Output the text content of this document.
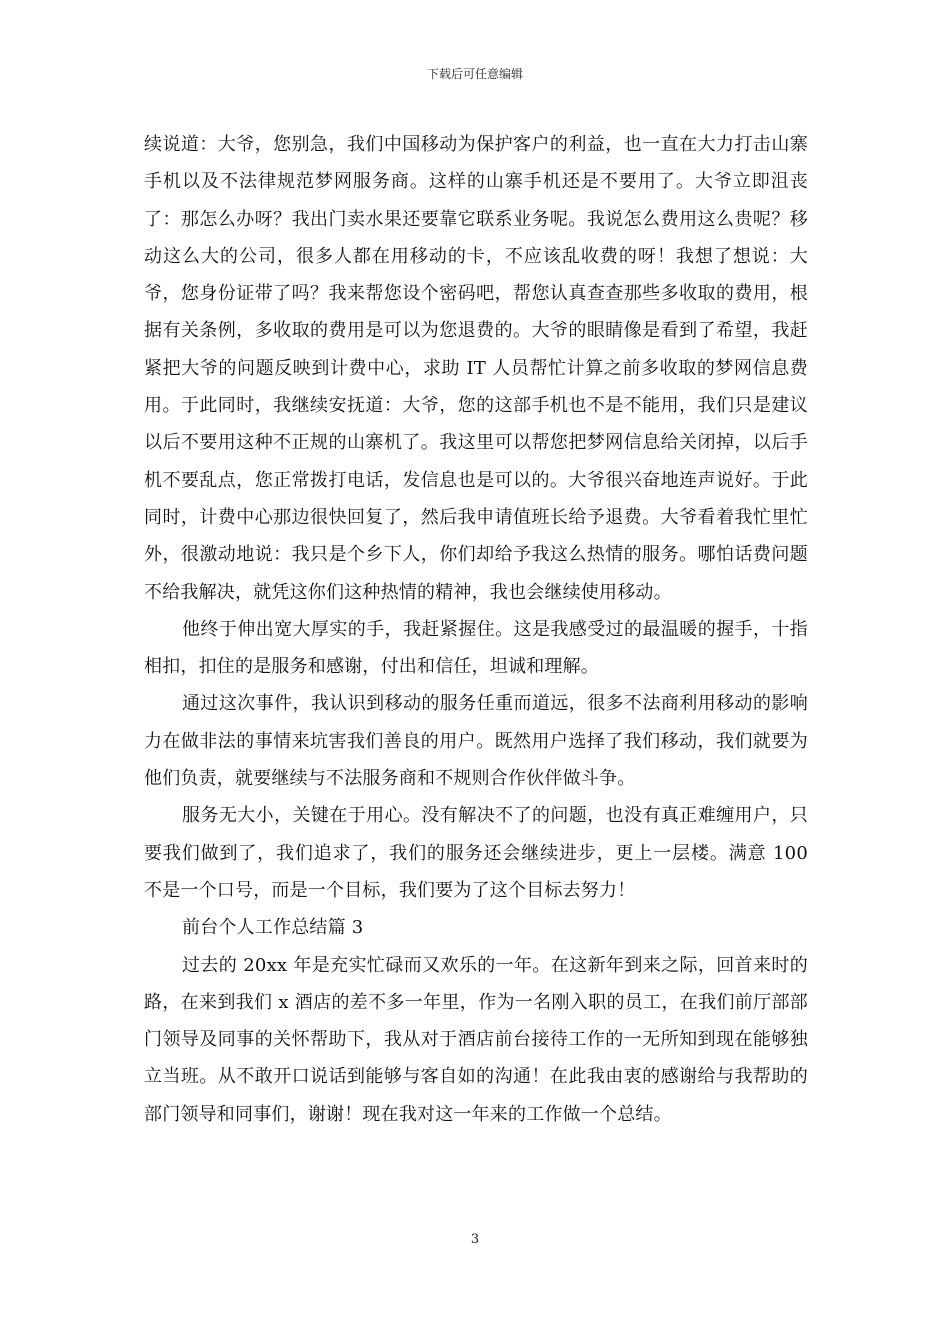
下载后可任意编辑

续说道：大爷，您别急，我们中国移动为保护客户的利益，也一直在大力打击山寨手机以及不法律规范梦网服务商。这样的山寨手机还是不要用了。大爷立即沮丧了：那怎么办呀？我出门卖水果还要靠它联系业务呢。我说怎么费用这么贵呢？移动这么大的公司，很多人都在用移动的卡，不应该乱收费的呀！我想了想说：大爷，您身份证带了吗？我来帮您设个密码吧，帮您认真查查那些多收取的费用，根据有关条例，多收取的费用是可以为您退费的。大爷的眼睛像是看到了希望，我赶紧把大爷的问题反映到计费中心，求助 IT 人员帮忙计算之前多收取的梦网信息费用。于此同时，我继续安抚道：大爷，您的这部手机也不是不能用，我们只是建议以后不要用这种不正规的山寨机了。我这里可以帮您把梦网信息给关闭掉，以后手机不要乱点，您正常拨打电话，发信息也是可以的。大爷很兴奋地连声说好。于此同时，计费中心那边很快回复了，然后我申请值班长给予退费。大爷看着我忙里忙外，很激动地说：我只是个乡下人，你们却给予我这么热情的服务。哪怕话费问题不给我解决，就凭这你们这种热情的精神，我也会继续使用移动。

他终于伸出宽大厚实的手，我赶紧握住。这是我感受过的最温暖的握手，十指相扣，扣住的是服务和感谢，付出和信任，坦诚和理解。

通过这次事件，我认识到移动的服务任重而道远，很多不法商利用移动的影响力在做非法的事情来坑害我们善良的用户。既然用户选择了我们移动，我们就要为他们负责，就要继续与不法服务商和不规则合作伙伴做斗争。

服务无大小，关键在于用心。没有解决不了的问题，也没有真正难缠用户，只要我们做到了，我们追求了，我们的服务还会继续进步，更上一层楼。满意 100 不是一个口号，而是一个目标，我们要为了这个目标去努力！

前台个人工作总结篇 3

过去的 20xx 年是充实忙碌而又欢乐的一年。在这新年到来之际，回首来时的路，在来到我们 x 酒店的差不多一年里，作为一名刚入职的员工，在我们前厅部部门领导及同事的关怀帮助下，我从对于酒店前台接待工作的一无所知到现在能够独立当班。从不敢开口说话到能够与客自如的沟通！在此我由衷的感谢给与我帮助的部门领导和同事们，谢谢！现在我对这一年来的工作做一个总结。

3
